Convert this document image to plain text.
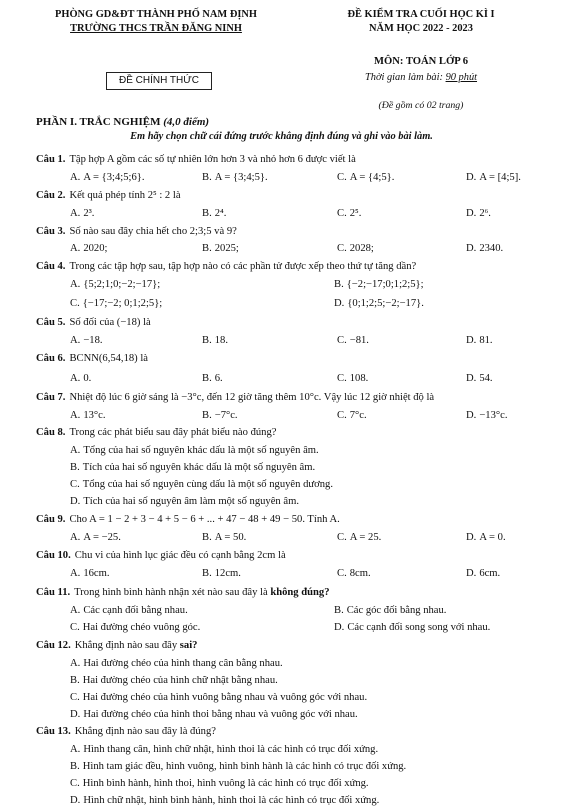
PHÒNG GD&ĐT THÀNH PHỐ NAM ĐỊNH
TRƯỜNG THCS TRẦN ĐĂNG NINH
ĐỀ CHÍNH THỨC
ĐỀ KIỂM TRA CUỐI HỌC KÌ I
NĂM HỌC 2022 - 2023
MÔN: TOÁN LỚP 6
Thời gian làm bài: 90 phút
(Đề gồm có 02 trang)
PHẦN I. TRẮC NGHIỆM (4,0 điểm)
Em hãy chọn chữ cái đứng trước khẳng định đúng và ghi vào bài làm.
Câu 1. Tập hợp A gồm các số tự nhiên lớn hơn 3 và nhỏ hơn 6 được viết là
A. A = {3;4;5;6}.	B. A = {3;4;5}.	C. A = {4;5}.	D. A = [4;5].
Câu 2. Kết quả phép tính 2⁵ : 2 là
A. 2³.	B. 2⁴.	C. 2⁵.	D. 2⁶.
Câu 3. Số nào sau đây chia hết cho 2;3;5 và 9?
A. 2020;	B. 2025;	C. 2028;	D. 2340.
Câu 4. Trong các tập hợp sau, tập hợp nào có các phần tử được xếp theo thứ tự tăng dần?
A. {5;2;1;0;−2;−17};	B. {−2;−17;0;1;2;5};
C. {−17;−2; 0;1;2;5};	D. {0;1;2;5;−2;−17}.
Câu 5. Số đối của (−18) là
A. −18.	B. 18.	C. −81.	D. 81.
Câu 6. BCNN(6,54,18) là
A. 0.	B. 6.	C. 108.	D. 54.
Câu 7. Nhiệt độ lúc 6 giờ sáng là −3°c, đến 12 giờ tăng thêm 10°c. Vậy lúc 12 giờ nhiệt độ là
A. 13°c.	B. −7°c.	C. 7°c.	D. −13°c.
Câu 8. Trong các phát biểu sau đây phát biểu nào đúng?
A. Tổng của hai số nguyên khác dấu là một số nguyên âm.
B. Tích của hai số nguyên khác dấu là một số nguyên âm.
C. Tổng của hai số nguyên cùng dấu là một số nguyên dương.
D. Tích của hai số nguyên âm làm một số nguyên âm.
Câu 9. Cho A = 1 − 2 + 3 − 4 + 5 − 6 + ... + 47 − 48 + 49 − 50. Tính A.
A. A = −25.	B. A = 50.	C. A = 25.	D. A = 0.
Câu 10. Chu vi của hình lục giác đều có cạnh bằng 2cm là
A. 16cm.	B. 12cm.	C. 8cm.	D. 6cm.
Câu 11. Trong hình bình hành nhận xét nào sau đây là không đúng?
A. Các cạnh đối bằng nhau.	B. Các góc đối bằng nhau.
C. Hai đường chéo vuông góc.	D. Các cạnh đối song song với nhau.
Câu 12. Khẳng định nào sau đây sai?
A. Hai đường chéo của hình thang cân bằng nhau.
B. Hai đường chéo của hình chữ nhật bằng nhau.
C. Hai đường chéo của hình vuông bằng nhau và vuông góc với nhau.
D. Hai đường chéo của hình thoi bằng nhau và vuông góc với nhau.
Câu 13. Khẳng định nào sau đây là đúng?
A. Hình thang cân, hình chữ nhật, hình thoi là các hình có trục đối xứng.
B. Hình tam giác đều, hình vuông, hình bình hành là các hình có trục đối xứng.
C. Hình bình hành, hình thoi, hình vuông là các hình có trục đối xứng.
D. Hình chữ nhật, hình bình hành, hình thoi là các hình có trục đối xứng.
